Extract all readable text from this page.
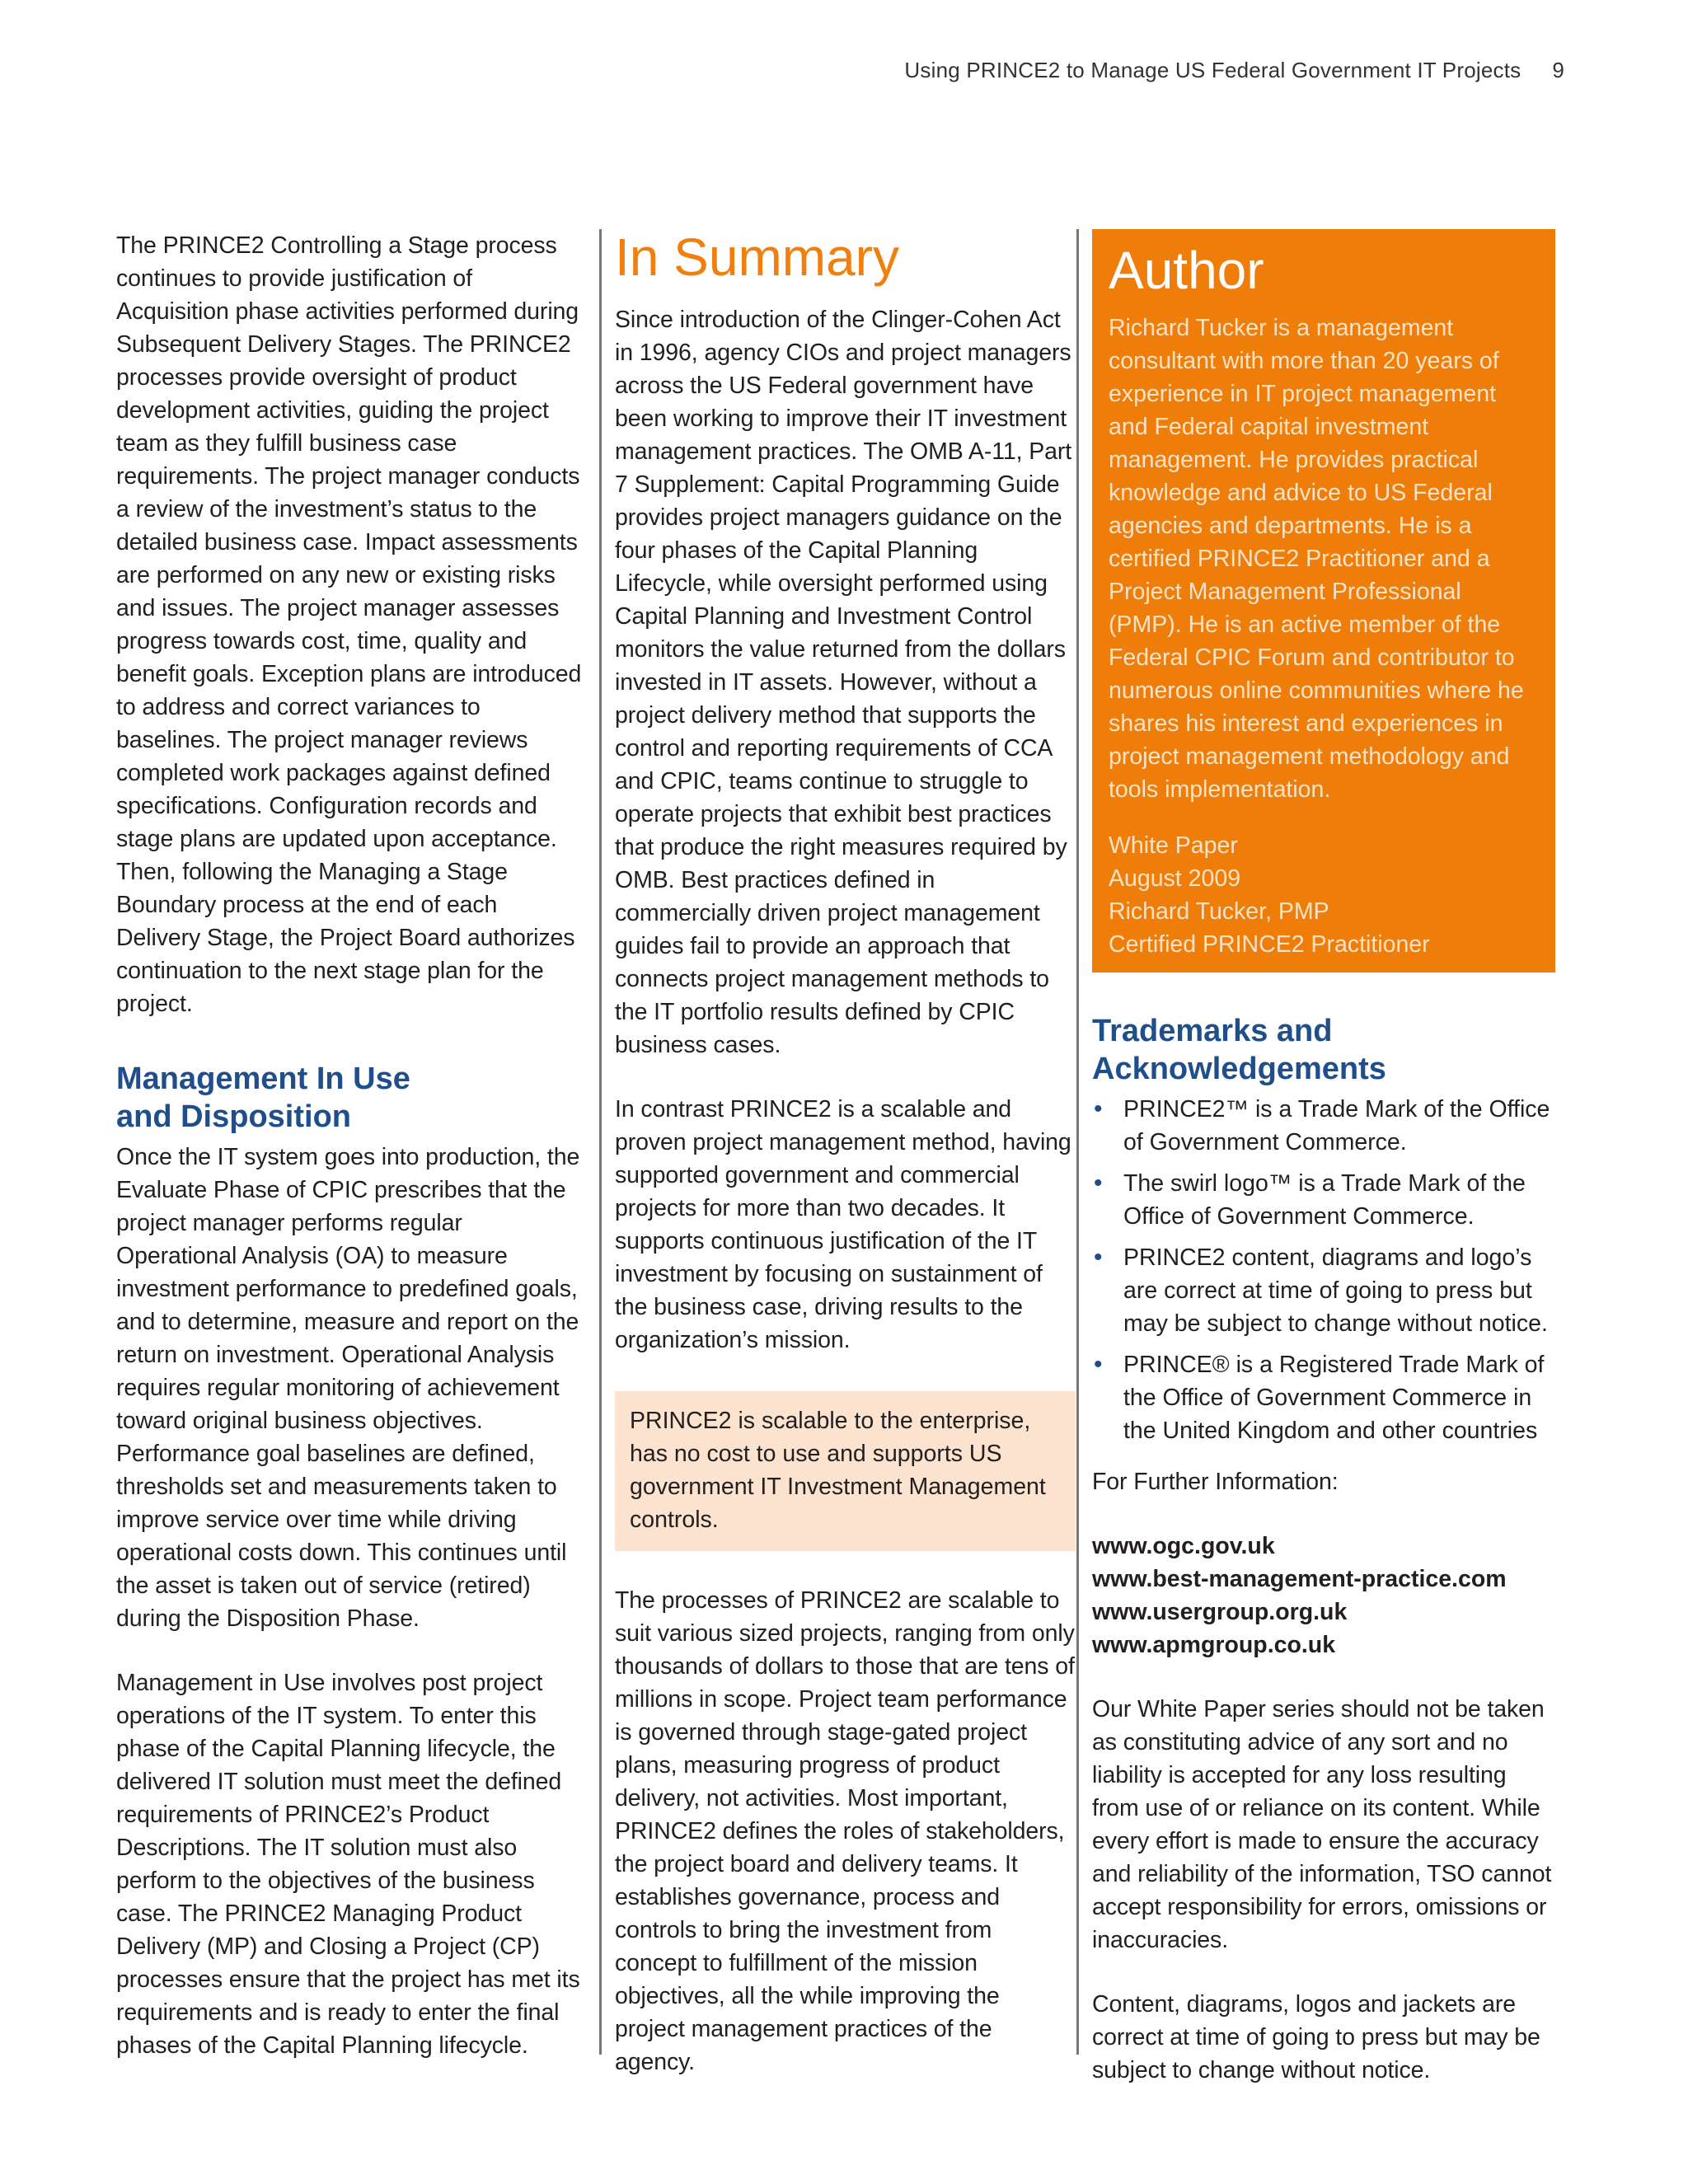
Using PRINCE2 to Manage US Federal Government IT Projects 9

The PRINCE2 Controlling a Stage process continues to provide justification of Acquisition phase activities performed during Subsequent Delivery Stages. The PRINCE2 processes provide oversight of product development activities, guiding the project team as they fulfill business case requirements. The project manager conducts a review of the investment’s status to the detailed business case. Impact assessments are performed on any new or existing risks and issues. The project manager assesses progress towards cost, time, quality and benefit goals. Exception plans are introduced to address and correct variances to baselines. The project manager reviews completed work packages against defined specifications. Configuration records and stage plans are updated upon acceptance. Then, following the Managing a Stage Boundary process at the end of each Delivery Stage, the Project Board authorizes continuation to the next stage plan for the project.

Management In Use
and Disposition

Once the IT system goes into production, the Evaluate Phase of CPIC prescribes that the project manager performs regular Operational Analysis (OA) to measure investment performance to predefined goals, and to determine, measure and report on the return on investment. Operational Analysis requires regular monitoring of achievement toward original business objectives. Performance goal baselines are defined, thresholds set and measurements taken to improve service over time while driving operational costs down. This continues until the asset is taken out of service (retired) during the Disposition Phase.

Management in Use involves post project operations of the IT system. To enter this phase of the Capital Planning lifecycle, the delivered IT solution must meet the defined requirements of PRINCE2’s Product Descriptions. The IT solution must also perform to the objectives of the business case. The PRINCE2 Managing Product Delivery (MP) and Closing a Project (CP) processes ensure that the project has met its requirements and is ready to enter the final phases of the Capital Planning lifecycle.

In Summary

Since introduction of the Clinger-Cohen Act in 1996, agency CIOs and project managers across the US Federal government have been working to improve their IT investment management practices. The OMB A-11, Part 7 Supplement: Capital Programming Guide provides project managers guidance on the four phases of the Capital Planning Lifecycle, while oversight performed using Capital Planning and Investment Control monitors the value returned from the dollars invested in IT assets. However, without a project delivery method that supports the control and reporting requirements of CCA and CPIC, teams continue to struggle to operate projects that exhibit best practices that produce the right measures required by OMB. Best practices defined in commercially driven project management guides fail to provide an approach that connects project management methods to the IT portfolio results defined by CPIC business cases.

In contrast PRINCE2 is a scalable and proven project management method, having supported government and commercial projects for more than two decades. It supports continuous justification of the IT investment by focusing on sustainment of the business case, driving results to the organization’s mission.

PRINCE2 is scalable to the enterprise, has no cost to use and supports US government IT Investment Management controls.

The processes of PRINCE2 are scalable to suit various sized projects, ranging from only thousands of dollars to those that are tens of millions in scope. Project team performance is governed through stage-gated project plans, measuring progress of product delivery, not activities. Most important, PRINCE2 defines the roles of stakeholders, the project board and delivery teams. It establishes governance, process and controls to bring the investment from concept to fulfillment of the mission objectives, all the while improving the project management practices of the agency.

Author

Richard Tucker is a management consultant with more than 20 years of experience in IT project management and Federal capital investment management. He provides practical knowledge and advice to US Federal agencies and departments. He is a certified PRINCE2 Practitioner and a Project Management Professional (PMP). He is an active member of the Federal CPIC Forum and contributor to numerous online communities where he shares his interest and experiences in project management methodology and tools implementation.

White Paper
August 2009
Richard Tucker, PMP
Certified PRINCE2 Practitioner
Trademarks and
Acknowledgements
• PRINCE2™ is a Trade Mark of the Office of Government Commerce.
• The swirl logo™ is a Trade Mark of the Office of Government Commerce.
• PRINCE2 content, diagrams and logo’s are correct at time of going to press but may be subject to change without notice.
• PRINCE® is a Registered Trade Mark of the Office of Government Commerce in the United Kingdom and other countries

For Further Information:

www.ogc.gov.uk
www.best-management-practice.com
www.usergroup.org.uk
www.apmgroup.co.uk

Our White Paper series should not be taken as constituting advice of any sort and no liability is accepted for any loss resulting from use of or reliance on its content. While every effort is made to ensure the accuracy and reliability of the information, TSO cannot accept responsibility for errors, omissions or inaccuracies.

Content, diagrams, logos and jackets are correct at time of going to press but may be subject to change without notice.
